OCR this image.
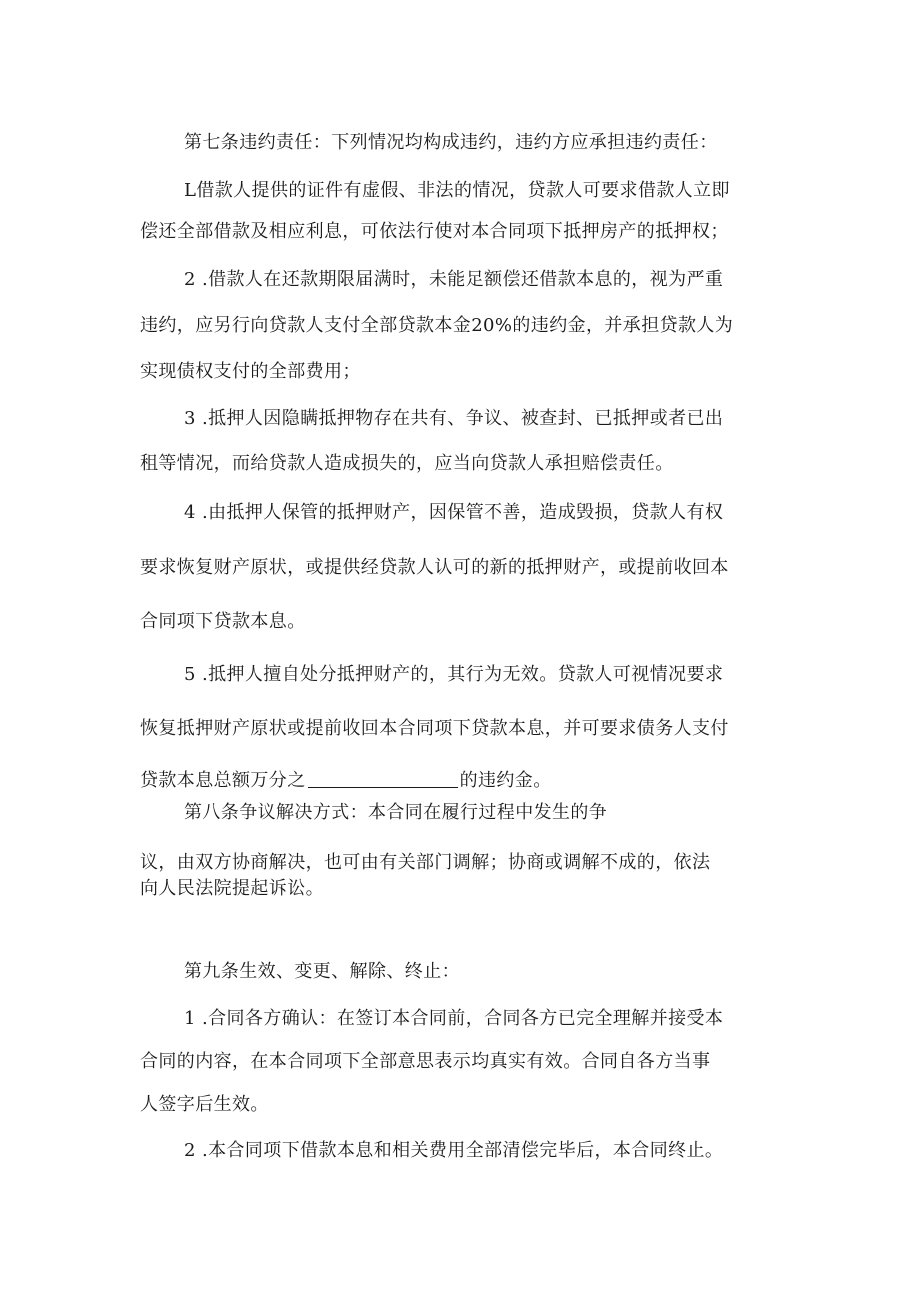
第七条违约责任：下列情况均构成违约，违约方应承担违约责任：
L借款人提供的证件有虚假、非法的情况，贷款人可要求借款人立即
偿还全部借款及相应利息，可依法行使对本合同项下抵押房产的抵押权；
2 .借款人在还款期限届满时，未能足额偿还借款本息的，视为严重
违约，应另行向贷款人支付全部贷款本金20%的违约金，并承担贷款人为
实现债权支付的全部费用；
3 .抵押人因隐瞒抵押物存在共有、争议、被查封、已抵押或者已出
租等情况，而给贷款人造成损失的，应当向贷款人承担赔偿责任。
4 .由抵押人保管的抵押财产，因保管不善，造成毁损，贷款人有权
要求恢复财产原状，或提供经贷款人认可的新的抵押财产，或提前收回本
合同项下贷款本息。
5 .抵押人擅自处分抵押财产的，其行为无效。贷款人可视情况要求
恢复抵押财产原状或提前收回本合同项下贷款本息，并可要求债务人支付
贷款本息总额万分之	的违约金。
第八条争议解决方式：本合同在履行过程中发生的争
议，由双方协商解决，也可由有关部门调解；协商或调解不成的，依法
向人民法院提起诉讼。
第九条生效、变更、解除、终止：
1 .合同各方确认：在签订本合同前，合同各方已完全理解并接受本
合同的内容，在本合同项下全部意思表示均真实有效。合同自各方当事
人签字后生效。
2 .本合同项下借款本息和相关费用全部清偿完毕后，本合同终止。
